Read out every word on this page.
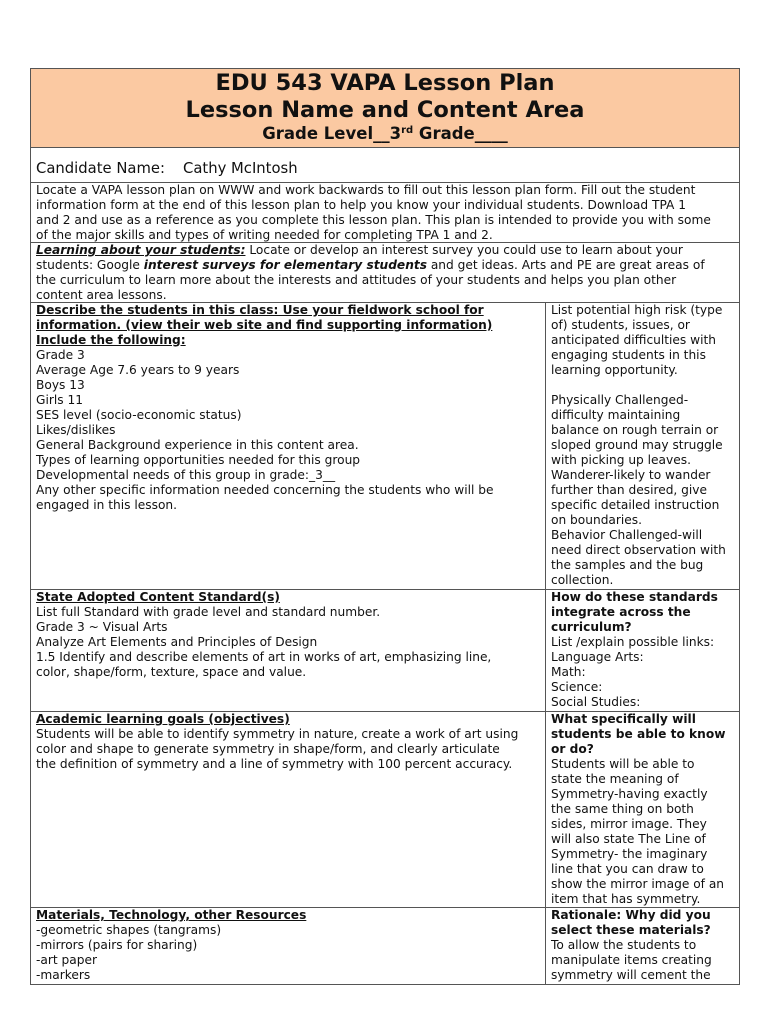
EDU 543 VAPA Lesson Plan
Lesson Name and Content Area
Grade Level__3rd Grade____
Candidate Name: Cathy McIntosh
Locate a VAPA lesson plan on WWW and work backwards to fill out this lesson plan form. Fill out the student
information form at the end of this lesson plan to help you know your individual students. Download TPA 1
and 2 and use as a reference as you complete this lesson plan. This plan is intended to provide you with some
of the major skills and types of writing needed for completing TPA 1 and 2.
Learning about your students: Locate or develop an interest survey you could use to learn about your
students: Google interest surveys for elementary students and get ideas. Arts and PE are great areas of
the curriculum to learn more about the interests and attitudes of your students and helps you plan other
content area lessons.
Describe the students in this class: Use your fieldwork school for
information. (view their web site and find supporting information)
Include the following:
Grade 3
Average Age 7.6 years to 9 years
Boys 13
Girls 11
SES level (socio-economic status)
Likes/dislikes
General Background experience in this content area.
Types of learning opportunities needed for this group
Developmental needs of this group in grade:_3__
Any other specific information needed concerning the students who will be
engaged in this lesson.
List potential high risk (type
of) students, issues, or
anticipated difficulties with
engaging students in this
learning opportunity.
Physically Challenged-
difficulty maintaining
balance on rough terrain or
sloped ground may struggle
with picking up leaves.
Wanderer-likely to wander
further than desired, give
specific detailed instruction
on boundaries.
Behavior Challenged-will
need direct observation with
the samples and the bug
collection.
State Adopted Content Standard(s)
List full Standard with grade level and standard number.
Grade 3 ~ Visual Arts
Analyze Art Elements and Principles of Design
1.5 Identify and describe elements of art in works of art, emphasizing line,
color, shape/form, texture, space and value.
How do these standards
integrate across the
curriculum?
List /explain possible links:
Language Arts:
Math:
Science:
Social Studies:
Academic learning goals (objectives)
Students will be able to identify symmetry in nature, create a work of art using
color and shape to generate symmetry in shape/form, and clearly articulate
the definition of symmetry and a line of symmetry with 100 percent accuracy.
What specifically will
students be able to know
or do?
Students will be able to
state the meaning of
Symmetry-having exactly
the same thing on both
sides, mirror image. They
will also state The Line of
Symmetry- the imaginary
line that you can draw to
show the mirror image of an
item that has symmetry.
Materials, Technology, other Resources
-geometric shapes (tangrams)
-mirrors (pairs for sharing)
-art paper
-markers
Rationale: Why did you
select these materials?
To allow the students to
manipulate items creating
symmetry will cement the
